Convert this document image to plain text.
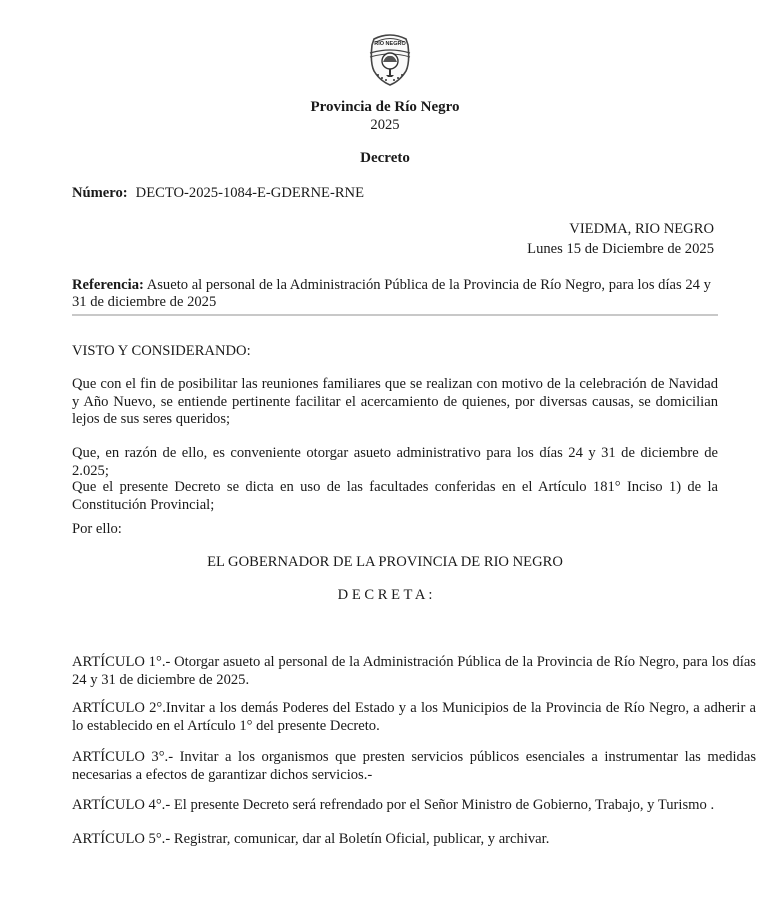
RIO NEGRO
Provincia de Río Negro
2025
Decreto
Número: DECTO-2025-1084-E-GDERNE-RNE
VIEDMA, RIO NEGRO
Lunes 15 de Diciembre de 2025
Referencia: Asueto al personal de la Administración Pública de la Provincia de Río Negro, para los días 24 y 31 de diciembre de 2025
VISTO Y CONSIDERANDO:
Que con el fin de posibilitar las reuniones familiares que se realizan con motivo de la celebración de Navidad y Año Nuevo, se entiende pertinente facilitar el acercamiento de quienes, por diversas causas, se domicilian lejos de sus seres queridos;
Que, en razón de ello, es conveniente otorgar asueto administrativo para los días 24 y 31 de diciembre de 2.025;
Que el presente Decreto se dicta en uso de las facultades conferidas en el Artículo 181° Inciso 1) de la Constitución Provincial;
Por ello:
EL GOBERNADOR DE LA PROVINCIA DE RIO NEGRO
D E C R E T A :
ARTÍCULO 1°.- Otorgar asueto al personal de la Administración Pública de la Provincia de Río Negro, para los días 24 y 31 de diciembre de 2025.
ARTÍCULO 2°.Invitar a los demás Poderes del Estado y a los Municipios de la Provincia de Río Negro, a adherir a lo establecido en el Artículo 1° del presente Decreto.
ARTÍCULO 3°.- Invitar a los organismos que presten servicios públicos esenciales a instrumentar las medidas necesarias a efectos de garantizar dichos servicios.-
ARTÍCULO 4°.- El presente Decreto será refrendado por el Señor Ministro de Gobierno, Trabajo, y Turismo .
ARTÍCULO 5°.- Registrar, comunicar, dar al Boletín Oficial, publicar, y archivar.
